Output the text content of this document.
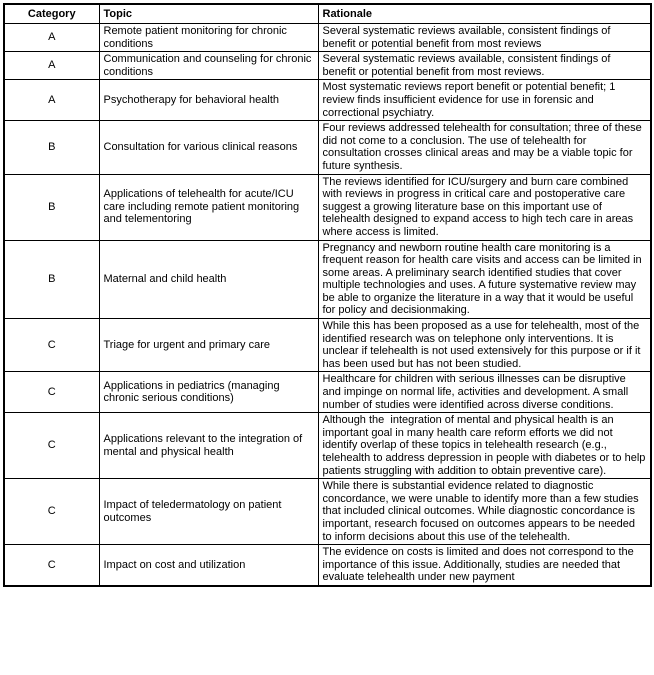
Category	Topic	Rationale
A	Remote patient monitoring for chronic conditions	Several systematic reviews available, consistent findings of benefit or potential benefit from most reviews
A	Communication and counseling for chronic conditions	Several systematic reviews available, consistent findings of benefit or potential benefit from most reviews.
A	Psychotherapy for behavioral health	Most systematic reviews report benefit or potential benefit; 1 review finds insufficient evidence for use in forensic and correctional psychiatry.
B	Consultation for various clinical reasons	Four reviews addressed telehealth for consultation; three of these did not come to a conclusion. The use of telehealth for consultation crosses clinical areas and may be a viable topic for future synthesis.
B	Applications of telehealth for acute/ICU care including remote patient monitoring and telementoring	The reviews identified for ICU/surgery and burn care combined with reviews in progress in critical care and postoperative care suggest a growing literature base on this important use of telehealth designed to expand access to high tech care in areas where access is limited.
B	Maternal and child health	Pregnancy and newborn routine health care monitoring is a frequent reason for health care visits and access can be limited in some areas. A preliminary search identified studies that cover multiple technologies and uses. A future systemative review may be able to organize the literature in a way that it would be useful for policy and decisionmaking.
C	Triage for urgent and primary care	While this has been proposed as a use for telehealth, most of the identified research was on telephone only interventions. It is unclear if telehealth is not used extensively for this purpose or if it has been used but has not been studied.
C	Applications in pediatrics (managing chronic serious conditions)	Healthcare for children with serious illnesses can be disruptive and impinge on normal life, activities and development. A small number of studies were identified across diverse conditions.
C	Applications relevant to the integration of mental and physical health	Although the  integration of mental and physical health is an important goal in many health care reform efforts we did not identify overlap of these topics in telehealth research (e.g., telehealth to address depression in people with diabetes or to help patients struggling with addition to obtain preventive care).
C	Impact of teledermatology on patient outcomes	While there is substantial evidence related to diagnostic concordance, we were unable to identify more than a few studies that included clinical outcomes. While diagnostic concordance is important, research focused on outcomes appears to be needed to inform decisions about this use of the telehealth.
C	Impact on cost and utilization	The evidence on costs is limited and does not correspond to the importance of this issue. Additionally, studies are needed that evaluate telehealth under new payment
